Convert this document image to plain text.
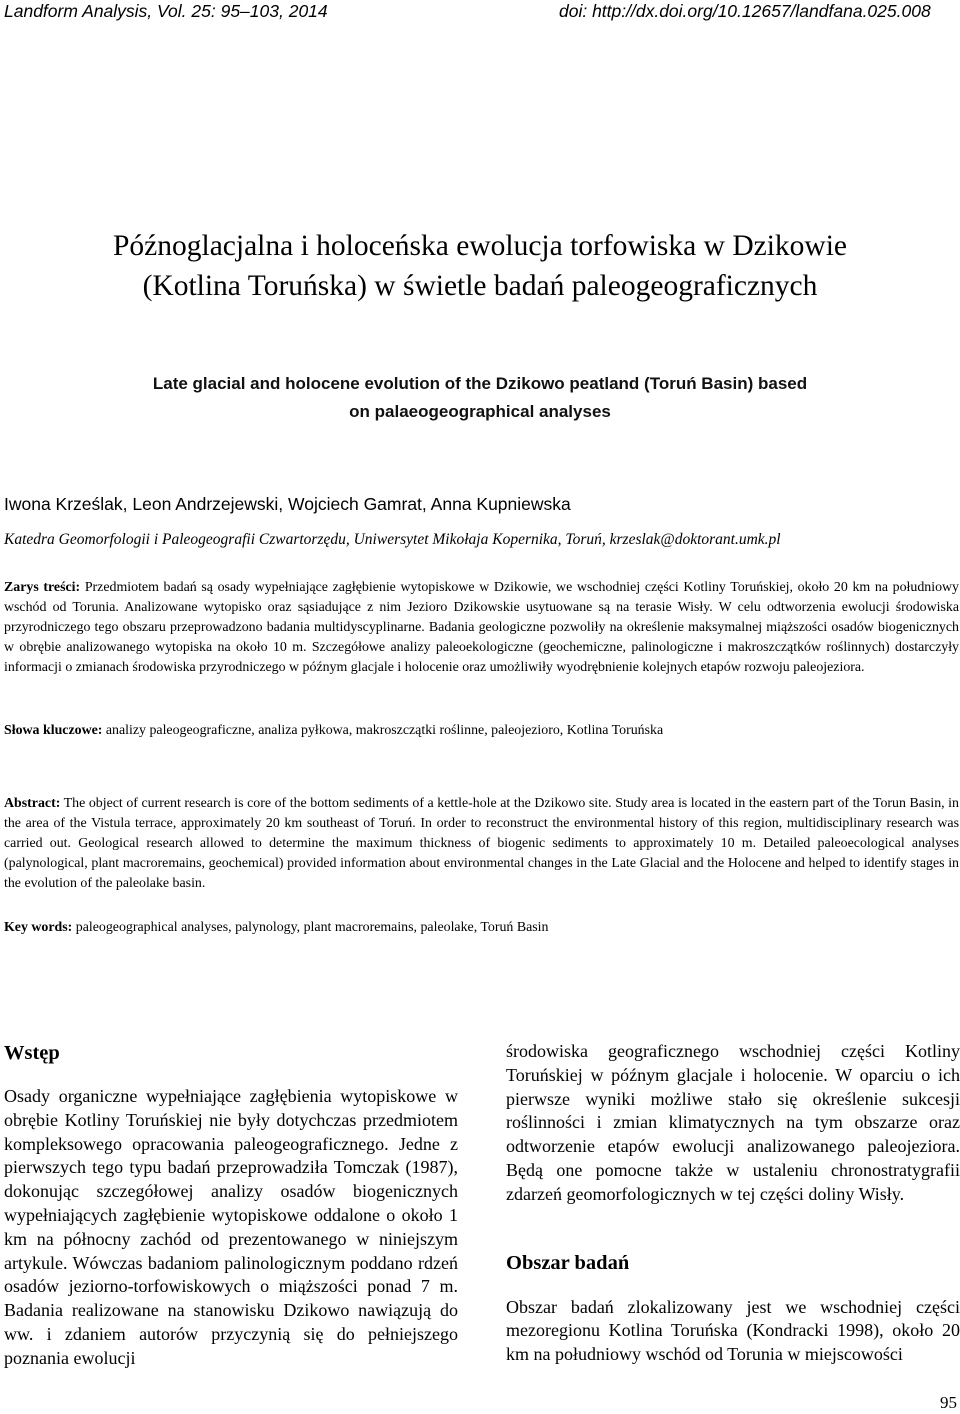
Landform Analysis, Vol. 25: 95–103, 2014	doi: http://dx.doi.org/10.12657/landfana.025.008
Późnoglacjalna i holoceńska ewolucja torfowiska w Dzikowie
(Kotlina Toruńska) w świetle badań paleogeograficznych
Late glacial and holocene evolution of the Dzikowo peatland (Toruń Basin) based
on palaeogeographical analyses
Iwona Krześlak, Leon Andrzejewski, Wojciech Gamrat, Anna Kupniewska
Katedra Geomorfologii i Paleogeografii Czwartorzędu, Uniwersytet Mikołaja Kopernika, Toruń, krzeslak@doktorant.umk.pl
Zarys treści: Przedmiotem badań są osady wypełniające zagłębienie wytopiskowe w Dzikowie, we wschodniej części Kotliny Toruńskiej, około 20 km na południowy wschód od Torunia. Analizowane wytopisko oraz sąsiadujące z nim Jezioro Dzikowskie usytuowane są na terasie Wisły. W celu odtworzenia ewolucji środowiska przyrodniczego tego obszaru przeprowadzono badania multidyscyplinarne. Badania geologiczne pozwoliły na określenie maksymalnej miąższości osadów biogenicznych w obrębie analizowanego wytopiska na około 10 m. Szczegółowe analizy paleoekologiczne (geochemiczne, palinologiczne i makroszczątków roślinnych) dostarczyły informacji o zmianach środowiska przyrodniczego w późnym glacjale i holocenie oraz umożliwiły wyodrębnienie kolejnych etapów rozwoju paleojeziora.
Słowa kluczowe: analizy paleogeograficzne, analiza pyłkowa, makroszczątki roślinne, paleojezioro, Kotlina Toruńska
Abstract: The object of current research is core of the bottom sediments of a kettle-hole at the Dzikowo site. Study area is located in the eastern part of the Torun Basin, in the area of the Vistula terrace, approximately 20 km southeast of Toruń. In order to reconstruct the environmental history of this region, multidisciplinary research was carried out. Geological research allowed to determine the maximum thickness of biogenic sediments to approximately 10 m. Detailed paleoecological analyses (palynological, plant macroremains, geochemical) provided information about environmental changes in the Late Glacial and the Holocene and helped to identify stages in the evolution of the paleolake basin.
Key words: paleogeographical analyses, palynology, plant macroremains, paleolake, Toruń Basin
Wstęp

Osady organiczne wypełniające zagłębienia wytopiskowe w obrębie Kotliny Toruńskiej nie były dotychczas przedmiotem kompleksowego opracowania paleogeograficznego. Jedne z pierwszych tego typu badań przeprowadziła Tomczak (1987), dokonując szczegółowej analizy osadów biogenicznych wypełniających zagłębienie wytopiskowe oddalone o około 1 km na północny zachód od prezentowanego w niniejszym artykule. Wówczas badaniom palinologicznym poddano rdzeń osadów jeziorno-torfowiskowych o miąższości ponad 7 m. Badania realizowane na stanowisku Dzikowo nawiązują do ww. i zdaniem autorów przyczynią się do pełniejszego poznania ewolucji

środowiska geograficznego wschodniej części Kotliny Toruńskiej w późnym glacjale i holocenie. W oparciu o ich pierwsze wyniki możliwe stało się określenie sukcesji roślinności i zmian klimatycznych na tym obszarze oraz odtworzenie etapów ewolucji analizowanego paleojeziora. Będą one pomocne także w ustaleniu chronostratygrafii zdarzeń geomorfologicznych w tej części doliny Wisły.

Obszar badań

Obszar badań zlokalizowany jest we wschodniej części mezoregionu Kotlina Toruńska (Kondracki 1998), około 20 km na południowy wschód od Torunia w miejscowości

95
